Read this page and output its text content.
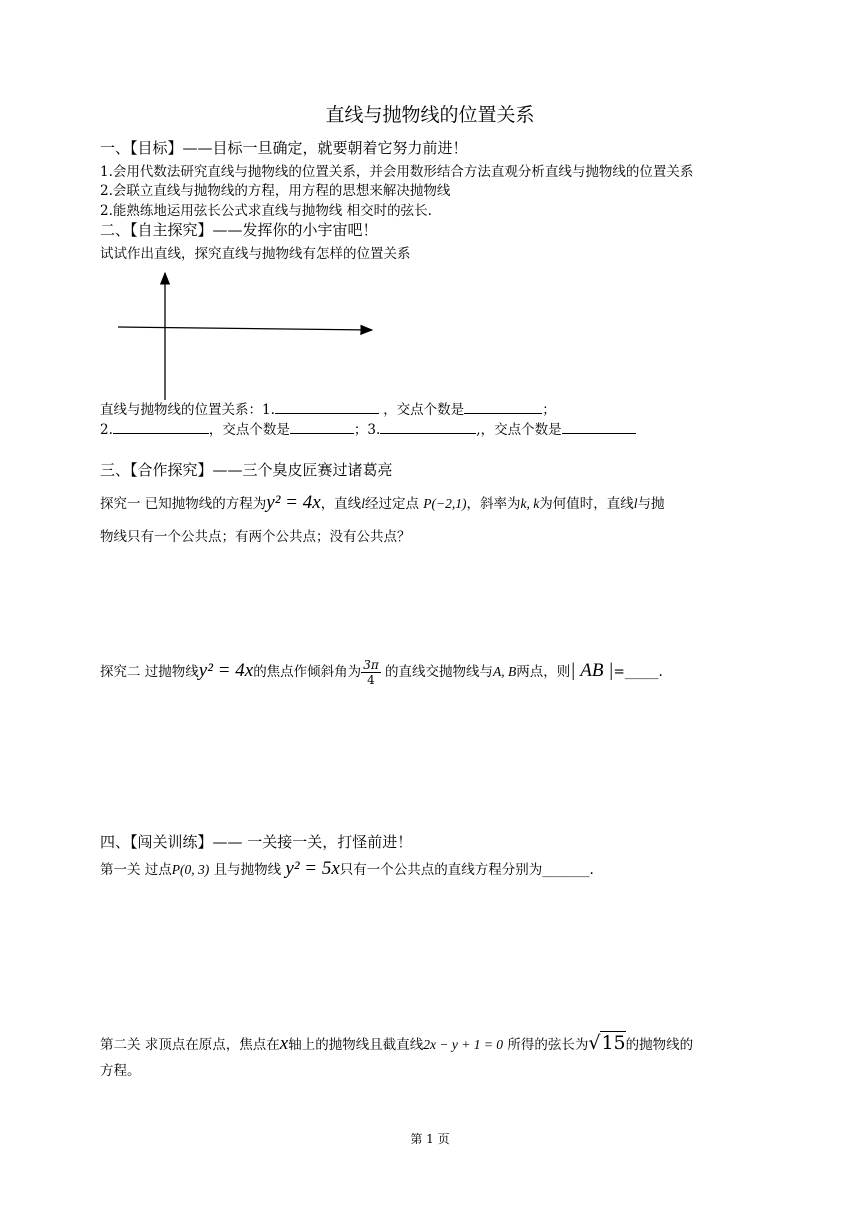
直线与抛物线的位置关系
一、【目标】——目标一旦确定，就要朝着它努力前进！
1.会用代数法研究直线与抛物线的位置关系，并会用数形结合方法直观分析直线与抛物线的位置关系
2.会联立直线与抛物线的方程，用方程的思想来解决抛物线
2.能熟练地运用弦长公式求直线与抛物线 相交时的弦长.
二、【自主探究】——发挥你的小宇宙吧！
试试作出直线，探究直线与抛物线有怎样的位置关系
直线与抛物线的位置关系：1.	，交点个数是	；
2.	，交点个数是	；3.	,，交点个数是
三、【合作探究】——三个臭皮匠赛过诸葛亮
探究一 已知抛物线的方程为y² = 4x，直线l经过定点 P(−2,1)，斜率为k, k为何值时，直线l与抛
物线只有一个公共点；有两个公共点；没有公共点？
探究二 过抛物线y² = 4x的焦点作倾斜角为 $\frac{3\pi}{4}$ 的直线交抛物线与A, B两点，则| AB |=_____.
四、【闯关训练】—— 一关接一关，打怪前进！
第一关 过点P(0, 3) 且与抛物线 y² = 5x只有一个公共点的直线方程分别为_______.
第二关 求顶点在原点，焦点在x轴上的抛物线且截直线2x − y + 1 = 0 所得的弦长为√15的抛物线的
方程。
第 1 页
